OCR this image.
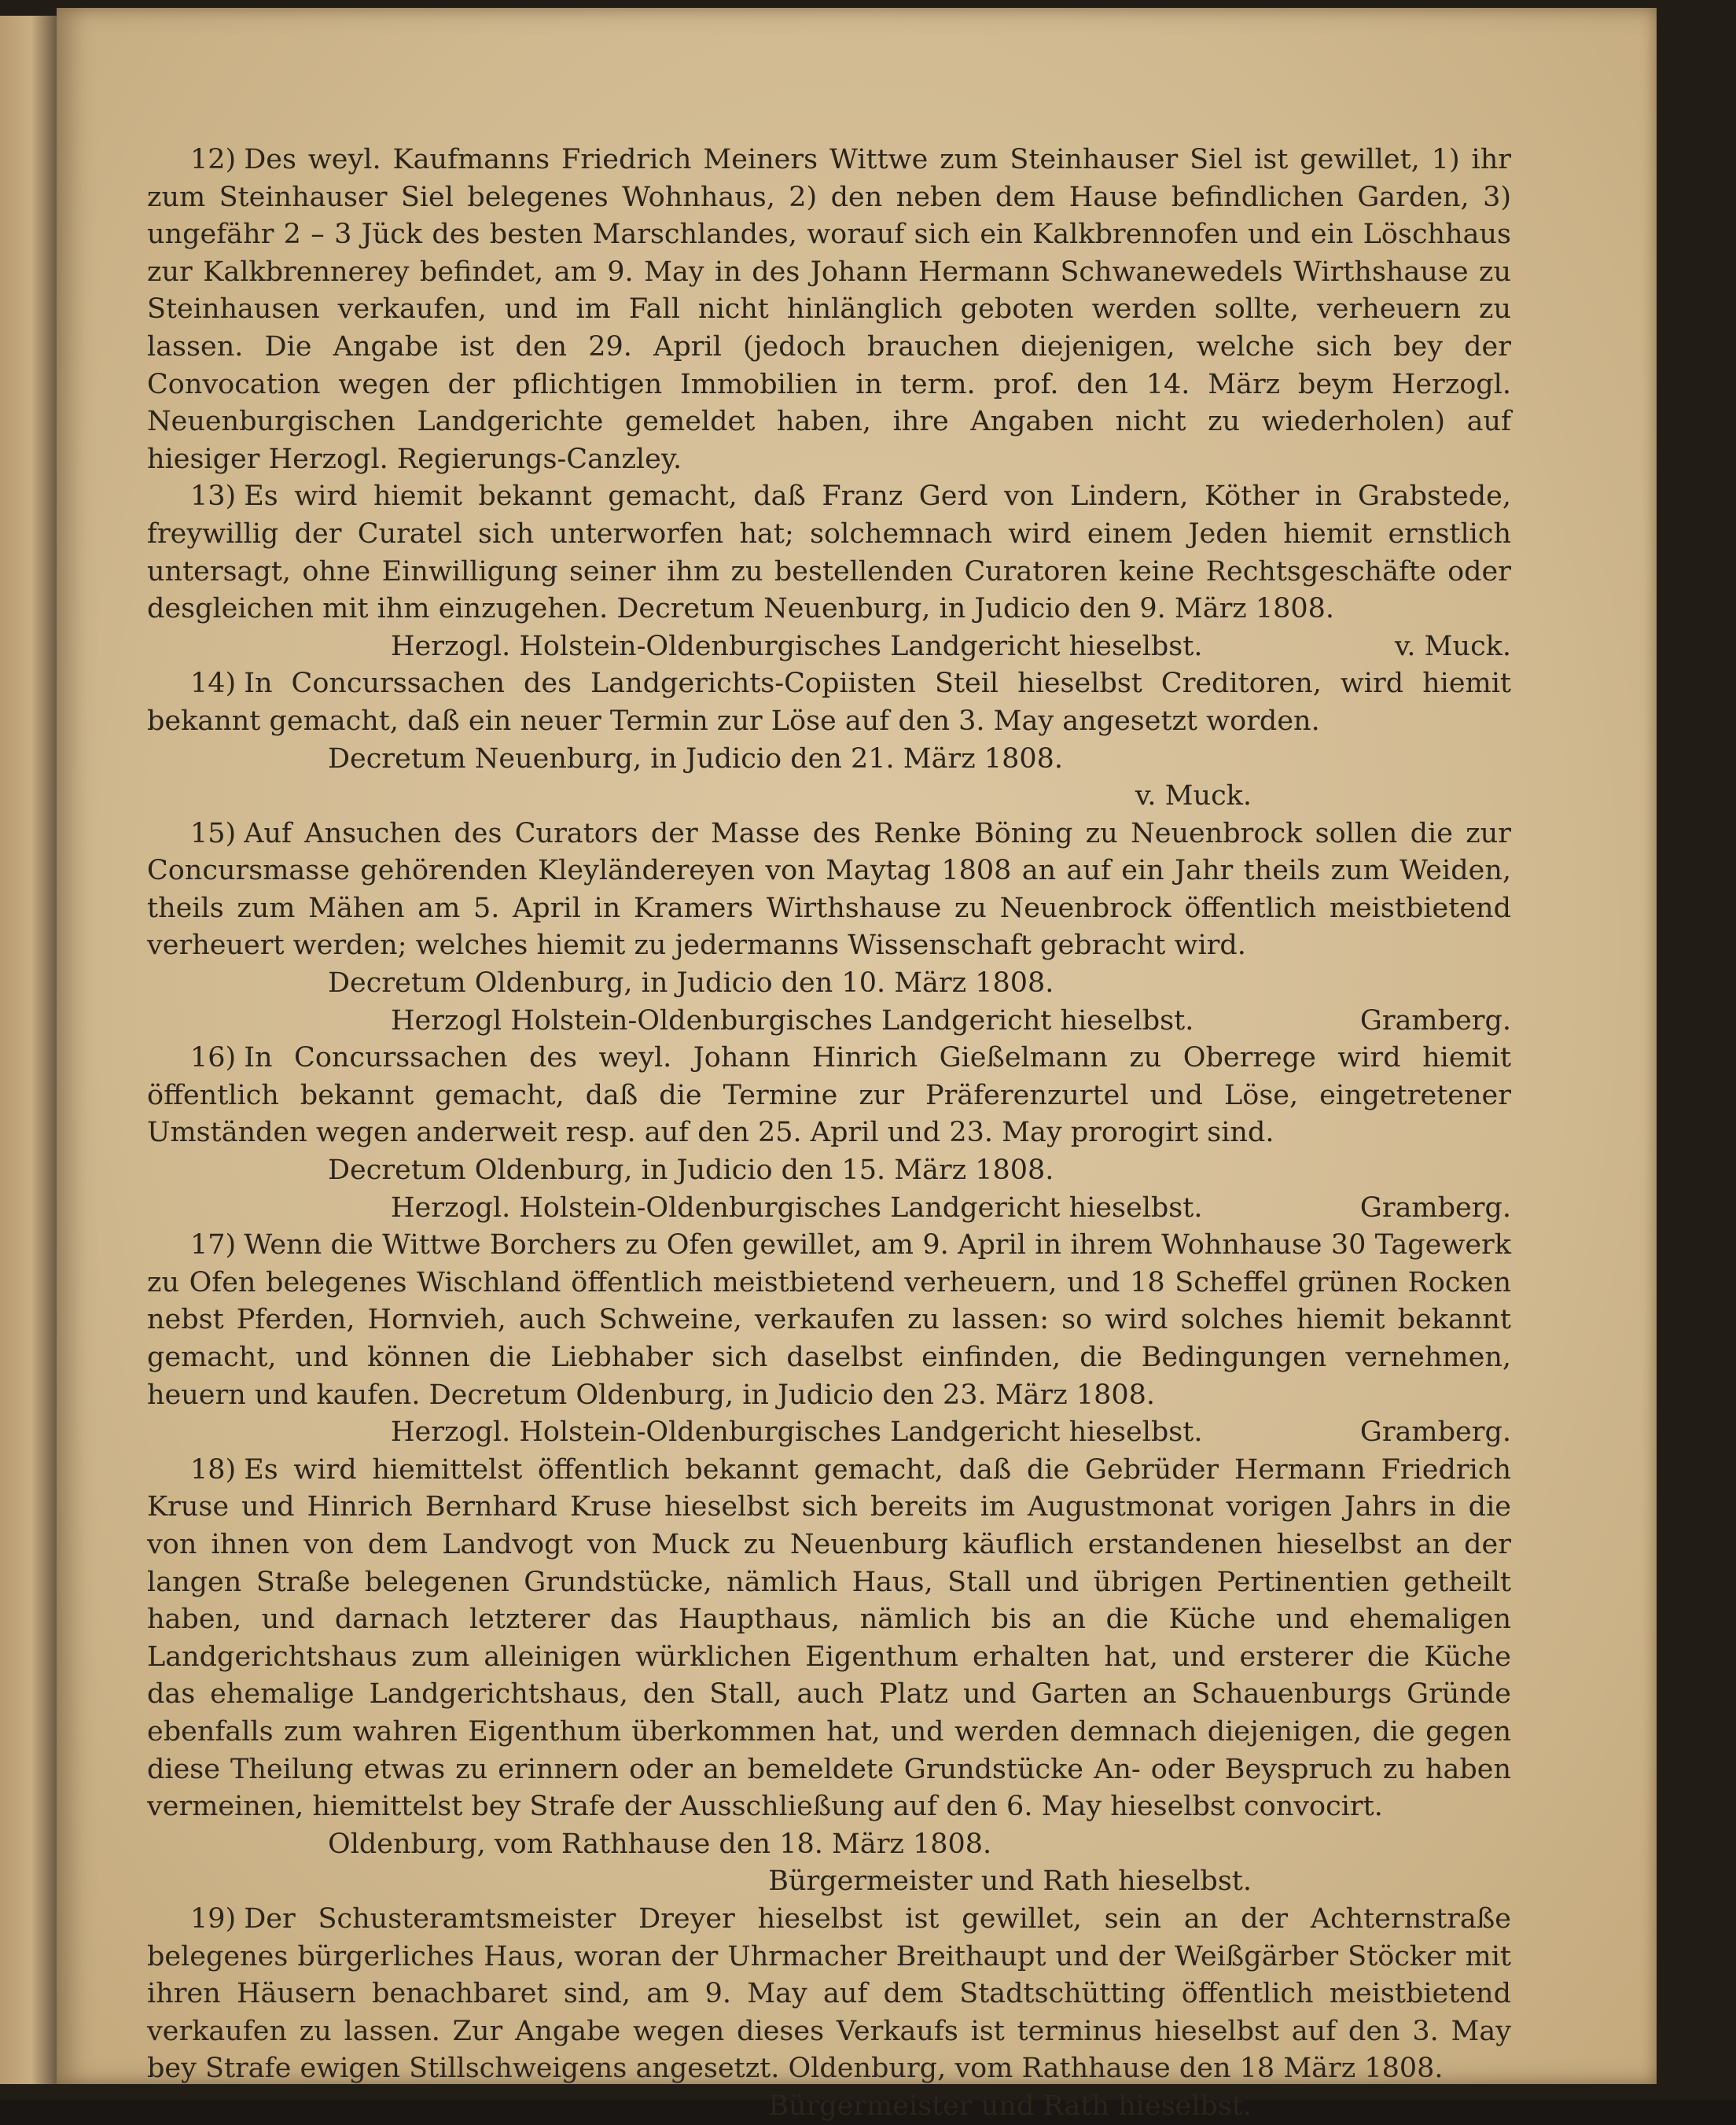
12) Des weyl. Kaufmanns Friedrich Meiners Wittwe zum Steinhauser Siel ist gewillet, 1) ihr zum Steinhauser Siel belegenes Wohnhaus, 2) den neben dem Hause befindlichen Garden, 3) ungefähr 2 – 3 Jück des besten Marschlandes, worauf sich ein Kalkbrennofen und ein Löschhaus zur Kalkbrennerey befindet, am 9. May in des Johann Hermann Schwanewedels Wirthshause zu Steinhausen verkaufen, und im Fall nicht hinlänglich geboten werden sollte, verheuern zu lassen. Die Angabe ist den 29. April (jedoch brauchen diejenigen, welche sich bey der Convocation wegen der pflichtigen Immobilien in term. prof. den 14. März beym Herzogl. Neuenburgischen Landgerichte gemeldet haben, ihre Angaben nicht zu wiederholen) auf hiesiger Herzogl. Regierungs-Canzley.

13) Es wird hiemit bekannt gemacht, daß Franz Gerd von Lindern, Köther in Grabstede, freywillig der Curatel sich unterworfen hat; solchemnach wird einem Jeden hiemit ernstlich untersagt, ohne Einwilligung seiner ihm zu bestellenden Curatoren keine Rechtsgeschäfte oder desgleichen mit ihm einzugehen. Decretum Neuenburg, in Judicio den 9. März 1808.

Herzogl. Holstein-Oldenburgisches Landgericht hieselbst.	v. Muck.

14) In Concurssachen des Landgerichts-Copiisten Steil hieselbst Creditoren, wird hiemit bekannt gemacht, daß ein neuer Termin zur Löse auf den 3. May angesetzt worden.

Decretum Neuenburg, in Judicio den 21. März 1808.
v. Muck.

15) Auf Ansuchen des Curators der Masse des Renke Böning zu Neuenbrock sollen die zur Concursmasse gehörenden Kleyländereyen von Maytag 1808 an auf ein Jahr theils zum Weiden, theils zum Mähen am 5. April in Kramers Wirthshause zu Neuenbrock öffentlich meistbietend verheuert werden; welches hiemit zu jedermanns Wissenschaft gebracht wird.

Decretum Oldenburg, in Judicio den 10. März 1808.
Herzogl Holstein-Oldenburgisches Landgericht hieselbst.	Gramberg.

16) In Concurssachen des weyl. Johann Hinrich Gießelmann zu Oberrege wird hiemit öffentlich bekannt gemacht, daß die Termine zur Präferenzurtel und Löse, eingetretener Umständen wegen anderweit resp. auf den 25. April und 23. May prorogirt sind.

Decretum Oldenburg, in Judicio den 15. März 1808.
Herzogl. Holstein-Oldenburgisches Landgericht hieselbst.	Gramberg.

17) Wenn die Wittwe Borchers zu Ofen gewillet, am 9. April in ihrem Wohnhause 30 Tagewerk zu Ofen belegenes Wischland öffentlich meistbietend verheuern, und 18 Scheffel grünen Rocken nebst Pferden, Hornvieh, auch Schweine, verkaufen zu lassen: so wird solches hiemit bekannt gemacht, und können die Liebhaber sich daselbst einfinden, die Bedingungen vernehmen, heuern und kaufen. Decretum Oldenburg, in Judicio den 23. März 1808.

Herzogl. Holstein-Oldenburgisches Landgericht hieselbst.	Gramberg.

18) Es wird hiemittelst öffentlich bekannt gemacht, daß die Gebrüder Hermann Friedrich Kruse und Hinrich Bernhard Kruse hieselbst sich bereits im Augustmonat vorigen Jahrs in die von ihnen von dem Landvogt von Muck zu Neuenburg käuflich erstandenen hieselbst an der langen Straße belegenen Grundstücke, nämlich Haus, Stall und übrigen Pertinentien getheilt haben, und darnach letzterer das Haupthaus, nämlich bis an die Küche und ehemaligen Landgerichtshaus zum alleinigen würklichen Eigenthum erhalten hat, und ersterer die Küche das ehemalige Landgerichtshaus, den Stall, auch Platz und Garten an Schauenburgs Gründe ebenfalls zum wahren Eigenthum überkommen hat, und werden demnach diejenigen, die gegen diese Theilung etwas zu erinnern oder an bemeldete Grundstücke An- oder Beyspruch zu haben vermeinen, hiemittelst bey Strafe der Ausschließung auf den 6. May hieselbst convocirt.

Oldenburg, vom Rathhause den 18. März 1808.
Bürgermeister und Rath hieselbst.

19) Der Schusteramtsmeister Dreyer hieselbst ist gewillet, sein an der Achternstraße belegenes bürgerliches Haus, woran der Uhrmacher Breithaupt und der Weißgärber Stöcker mit ihren Häusern benachbaret sind, am 9. May auf dem Stadtschütting öffentlich meistbietend verkaufen zu lassen. Zur Angabe wegen dieses Verkaufs ist terminus hieselbst auf den 3. May bey Strafe ewigen Stillschweigens angesetzt. Oldenburg, vom Rathhause den 18 März 1808.

Bürgermeister und Rath hieselbst.
